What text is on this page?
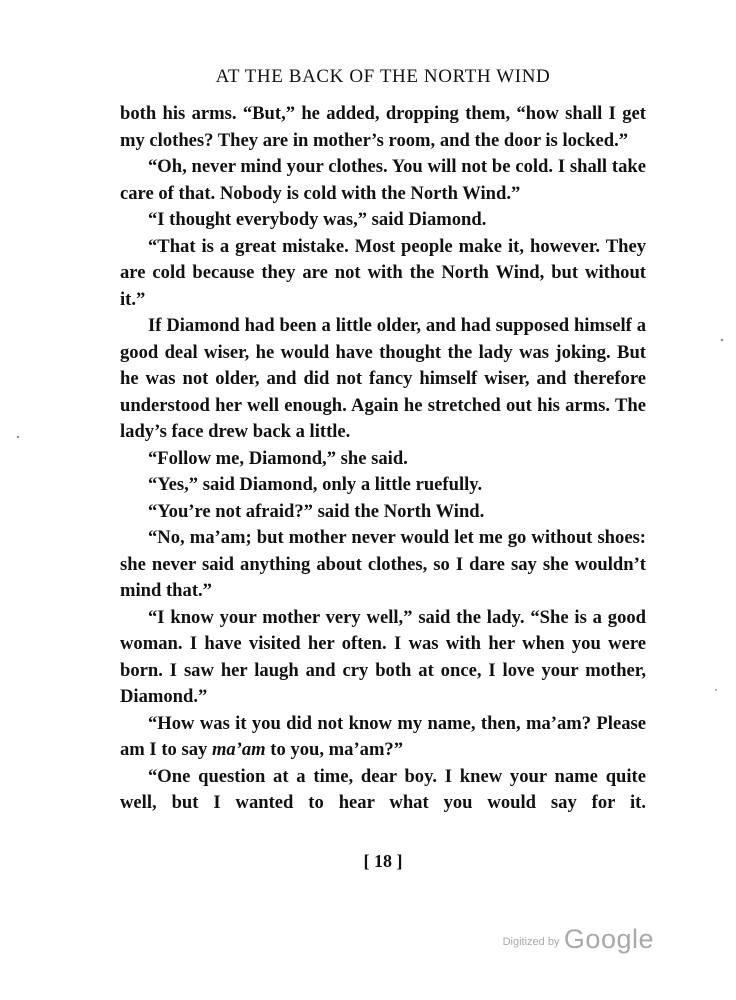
AT THE BACK OF THE NORTH WIND

both his arms. “But,” he added, dropping them, “how shall I get my clothes? They are in mother’s room, and the door is locked.”

“Oh, never mind your clothes. You will not be cold. I shall take care of that. Nobody is cold with the North Wind.”

“I thought everybody was,” said Diamond.

“That is a great mistake. Most people make it, however. They are cold because they are not with the North Wind, but without it.”

If Diamond had been a little older, and had supposed himself a good deal wiser, he would have thought the lady was joking. But he was not older, and did not fancy himself wiser, and therefore understood her well enough. Again he stretched out his arms. The lady’s face drew back a little.

“Follow me, Diamond,” she said.

“Yes,” said Diamond, only a little ruefully.

“You’re not afraid?” said the North Wind.

“No, ma’am; but mother never would let me go without shoes: she never said anything about clothes, so I dare say she wouldn’t mind that.”

“I know your mother very well,” said the lady. “She is a good woman. I have visited her often. I was with her when you were born. I saw her laugh and cry both at once, I love your mother, Diamond.”

“How was it you did not know my name, then, ma’am? Please am I to say ma’am to you, ma’am?”

“One question at a time, dear boy. I knew your name quite well, but I wanted to hear what you would say for it.

[ 18 ]
Digitized by Google
